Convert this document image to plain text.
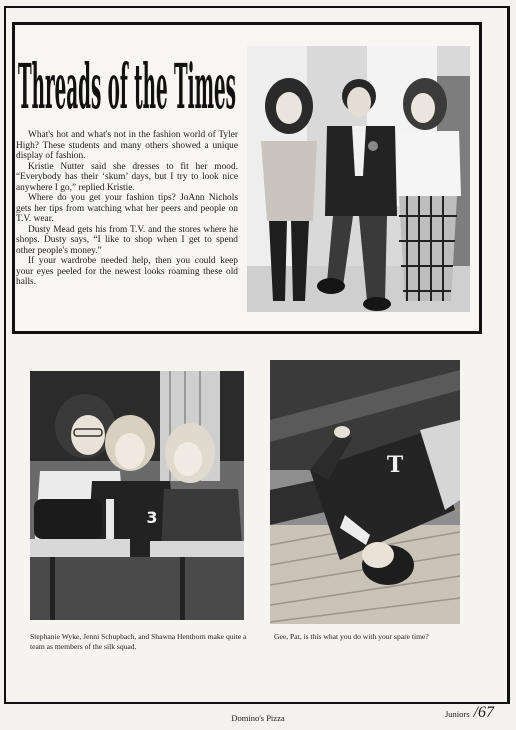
Threads of the Times

What's hot and what's not in the fashion world of Tyler High? These students and many others showed a unique display of fashion.

Kristie Nutter said she dresses to fit her mood. “Everybody has their ‘skum’ days, but I try to look nice anywhere I go,” replied Kristie.

Where do you get your fashion tips? JoAnn Nichols gets her tips from watching what her peers and people on T.V. wear.

Dusty Mead gets his from T.V. and the stores where he shops. Dusty says, “I like to shop when I get to spend other people's money.”

If your wardrobe needed help, then you could keep your eyes peeled for the newest looks roaming these old halls.

3
T
Stephanie Wyke, Jenni Schupbach, and Shawna Henthorn make quite a team as members of the silk squad.
Gee, Pat, is this what you do with your spare time?
Domino's Pizza	Juniors /67
